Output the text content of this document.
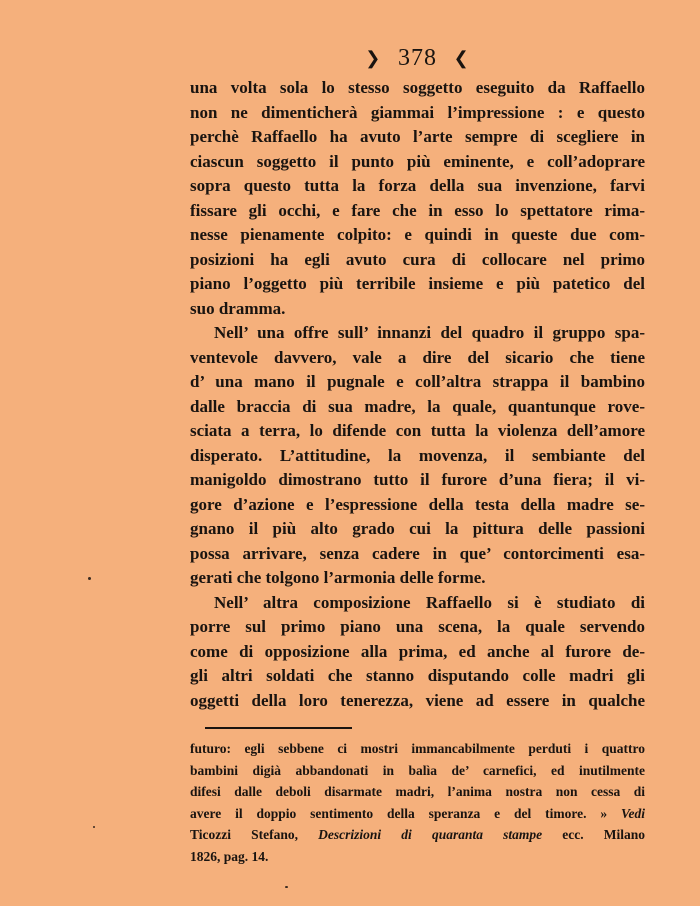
❯ 378 ❮
una volta sola lo stesso soggetto eseguito da Raffaello
non ne dimenticherà giammai l’impressione : e questo
perchè Raffaello ha avuto l’arte sempre di scegliere in
ciascun soggetto il punto più eminente, e coll’adoprare
sopra questo tutta la forza della sua invenzione, farvi
fissare gli occhi, e fare che in esso lo spettatore rima-
nesse pienamente colpito: e quindi in queste due com-
posizioni ha egli avuto cura di collocare nel primo
piano l’oggetto più terribile insieme e più patetico del
suo dramma.
Nell’ una offre sull’ innanzi del quadro il gruppo spa-
ventevole davvero, vale a dire del sicario che tiene
d’ una mano il pugnale e coll’altra strappa il bambino
dalle braccia di sua madre, la quale, quantunque rove-
sciata a terra, lo difende con tutta la violenza dell’amore
disperato. L’attitudine, la movenza, il sembiante del
manigoldo dimostrano tutto il furore d’una fiera; il vi-
gore d’azione e l’espressione della testa della madre se-
gnano il più alto grado cui la pittura delle passioni
possa arrivare, senza cadere in que’ contorcimenti esa-
gerati che tolgono l’armonia delle forme.
Nell’ altra composizione Raffaello si è studiato di
porre sul primo piano una scena, la quale servendo
come di opposizione alla prima, ed anche al furore de-
gli altri soldati che stanno disputando colle madri gli
oggetti della loro tenerezza, viene ad essere in qualche
futuro: egli sebbene ci mostri immancabilmente perduti i quattro
bambini digià abbandonati in balìa de’ carnefici, ed inutilmente
difesi dalle deboli disarmate madri, l’anima nostra non cessa di
avere il doppio sentimento della speranza e del timore. » Vedi
Ticozzi Stefano, Descrizioni di quaranta stampe ecc. Milano
1826, pag. 14.
